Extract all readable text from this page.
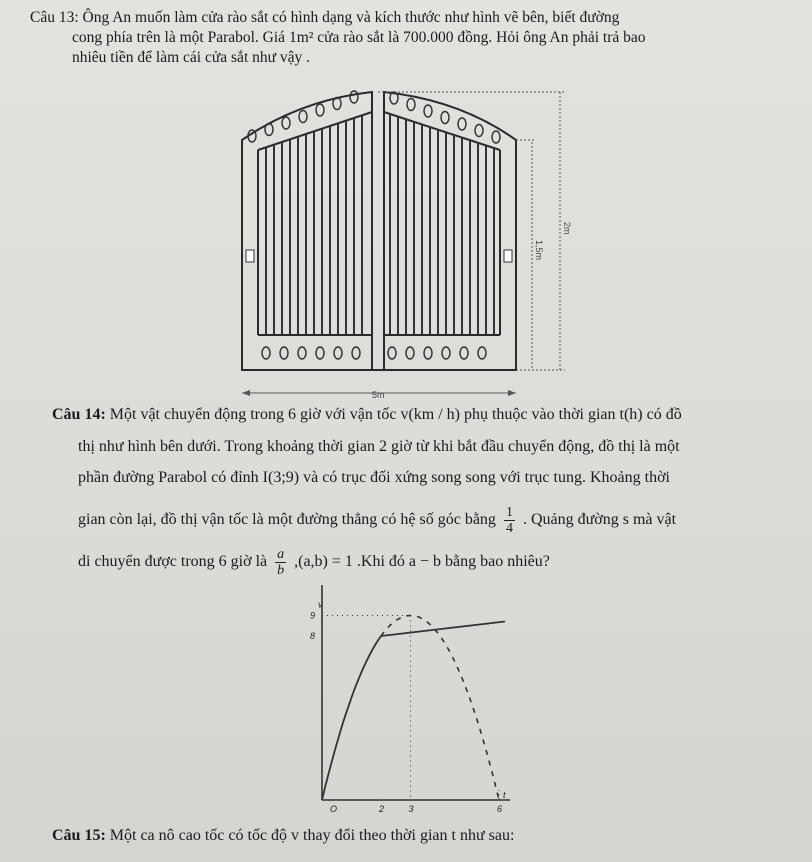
Câu 13: Ông An muốn làm cửa rào sắt có hình dạng và kích thước như hình vẽ bên, biết đường
cong phía trên là một Parabol. Giá 1m² cửa rào sắt là 700.000 đồng. Hỏi ông An phải trả bao
nhiêu tiền để làm cái cửa sắt như vậy .
5m
2m
1,5m
Câu 14: Một vật chuyển động trong 6 giờ với vận tốc v(km / h) phụ thuộc vào thời gian t(h) có đồ
thị như hình bên dưới. Trong khoảng thời gian 2 giờ từ khi bắt đầu chuyển động, đồ thị là một
phần đường Parabol có đỉnh I(3;9) và có trục đối xứng song song với trục tung. Khoảng thời
gian còn lại, đồ thị vận tốc là một đường thẳng có hệ số góc bằng $\frac{1}{4}$ . Quảng đường s mà vật
di chuyển được trong 6 giờ là $\frac{a}{b} ,(a,b) = 1$ .Khi đó a − b bằng bao nhiêu?
O	2	3	6
9
8
v
t
Câu 15: Một ca nô cao tốc có tốc độ v thay đổi theo thời gian t như sau:
